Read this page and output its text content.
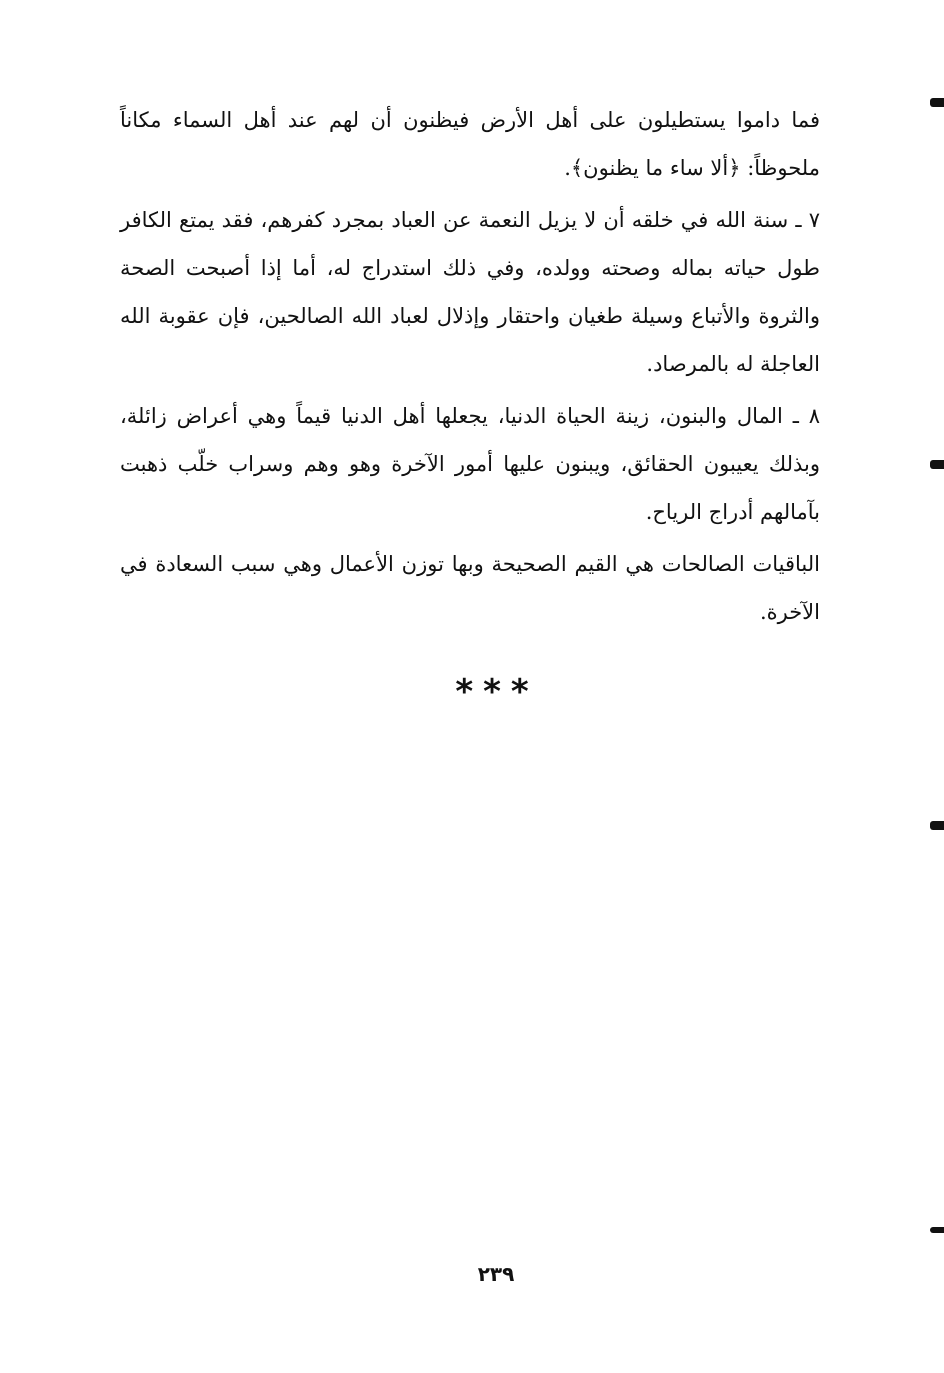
فما داموا يستطيلون على أهل الأرض فيظنون أن لهم عند أهل السماء مكاناً ملحوظاً: ﴿ألا ساء ما يظنون﴾.

٧ ـ سنة الله في خلقه أن لا يزيل النعمة عن العباد بمجرد كفرهم، فقد يمتع الكافر طول حياته بماله وصحته وولده، وفي ذلك استدراج له، أما إذا أصبحت الصحة والثروة والأتباع وسيلة طغيان واحتقار وإذلال لعباد الله الصالحين، فإن عقوبة الله العاجلة له بالمرصاد.

٨ ـ المال والبنون، زينة الحياة الدنيا، يجعلها أهل الدنيا قيماً وهي أعراض زائلة، وبذلك يعيبون الحقائق، ويبنون عليها أمور الآخرة وهو وهم وسراب خلّب ذهبت بآمالهم أدراج الرياح.

الباقيات الصالحات هي القيم الصحيحة وبها توزن الأعمال وهي سبب السعادة في الآخرة.

***
٢٣٩
